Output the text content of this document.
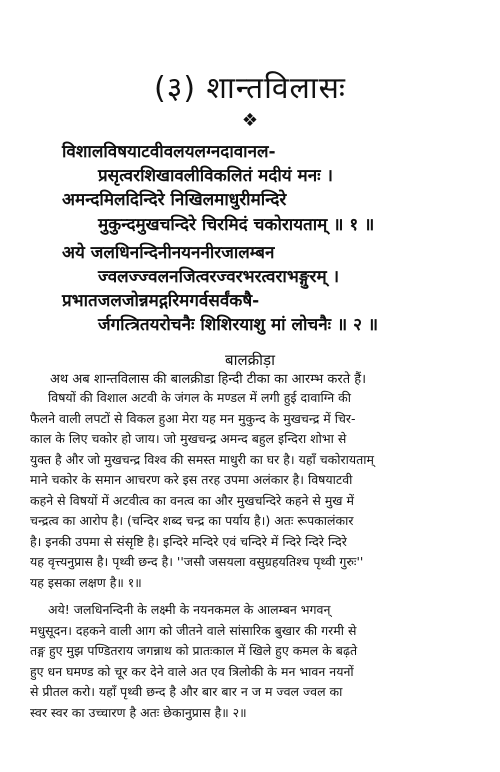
(३) शान्तविलासः
❖
विशालविषयाटवीवलयलग्नदावानल-
प्रसृत्वरशिखावलीविकलितं मदीयं मनः ।
अमन्दमिलदिन्दिरे निखिलमाधुरीमन्दिरे
मुकुन्दमुखचन्दिरे चिरमिदं चकोरायताम् ॥ १ ॥
अये जलधिनन्दिनीनयननीरजालम्बन
ज्वलज्ज्वलनजित्वरज्वरभरत्वराभङ्गुरम् ।
प्रभातजलजोन्नमद्गरिमगर्वसर्वंकषै-
र्जगत्त्रितयरोचनैः शिशिरयाशु मां लोचनैः ॥ २ ॥
बालक्रीड़ा
अथ अब शान्तविलास की बालक्रीडा हिन्दी टीका का आरम्भ करते हैं।
विषयों की विशाल अटवी के जंगल के मण्डल में लगी हुई दावाग्नि की
फैलने वाली लपटों से विकल हुआ मेरा यह मन मुकुन्द के मुखचन्द्र में चिर-
काल के लिए चकोर हो जाय। जो मुखचन्द्र अमन्द बहुल इन्दिरा शोभा से
युक्त है और जो मुखचन्द्र विश्व की समस्त माधुरी का घर है। यहाँ चकोरायताम्
माने चकोर के समान आचरण करे इस तरह उपमा अलंकार है। विषयाटवी
कहने से विषयों में अटवीत्व का वनत्व का और मुखचन्दिरे कहने से मुख में
चन्द्रत्व का आरोप है। (चन्दिर शब्द चन्द्र का पर्याय है।) अतः रूपकालंकार
है। इनकी उपमा से संसृष्टि है। इन्दिरे मन्दिरे एवं चन्दिरे में न्दिरे न्दिरे न्दिरे
यह वृत्त्यनुप्रास है। पृथ्वी छन्द है। ''जसौ जसयला वसुग्रहयतिश्च पृथ्वी गुरुः''
यह इसका लक्षण है॥ १॥
अये! जलधिनन्दिनी के लक्ष्मी के नयनकमल के आलम्बन भगवन्
मधुसूदन। दहकने वाली आग को जीतने वाले सांसारिक बुखार की गरमी से
तङ्ग हुए मुझ पण्डितराय जगन्नाथ को प्रातःकाल में खिले हुए कमल के बढ़ते
हुए धन घमण्ड को चूर कर देने वाले अत एव त्रिलोकी के मन भावन नयनों
से प्रीतल करो। यहाँ पृथ्वी छन्द है और बार बार न ज म ज्वल ज्वल का
स्वर स्वर का उच्चारण है अतः छेकानुप्रास है॥ २॥
